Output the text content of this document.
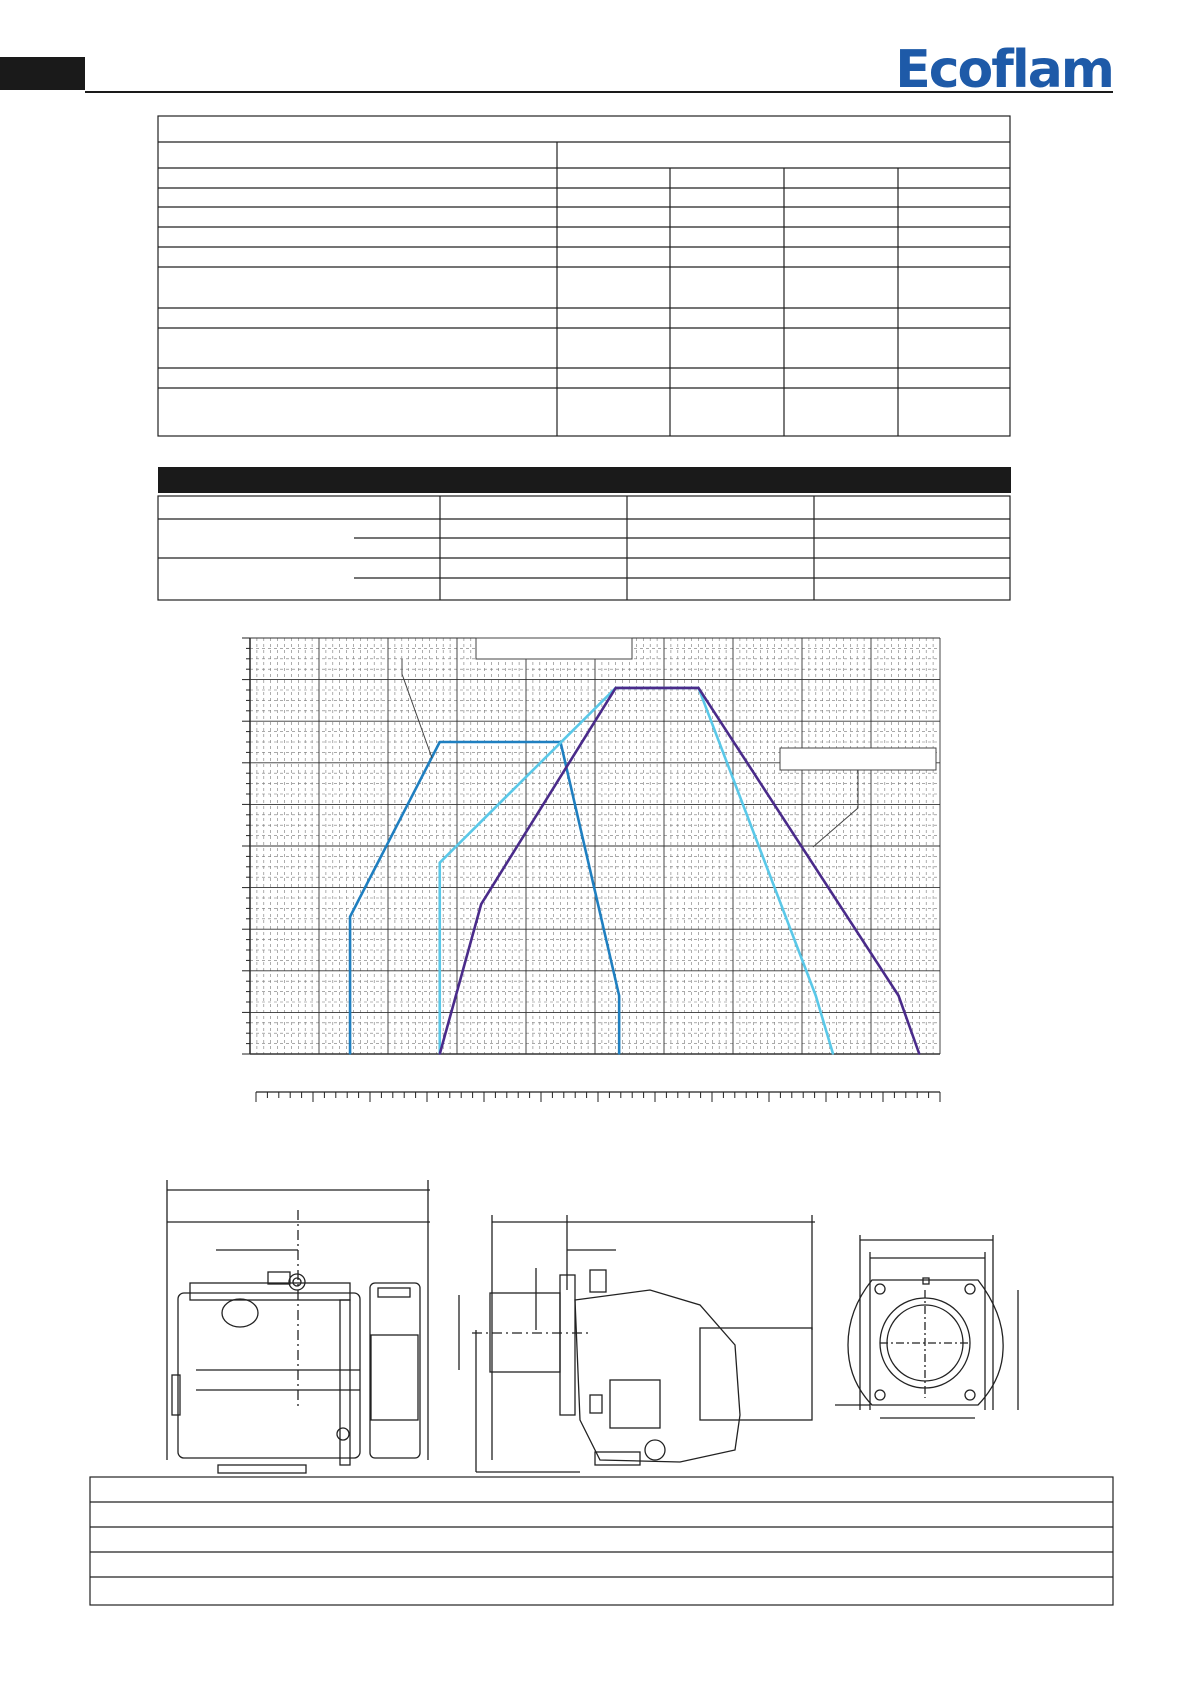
Ecoflam
